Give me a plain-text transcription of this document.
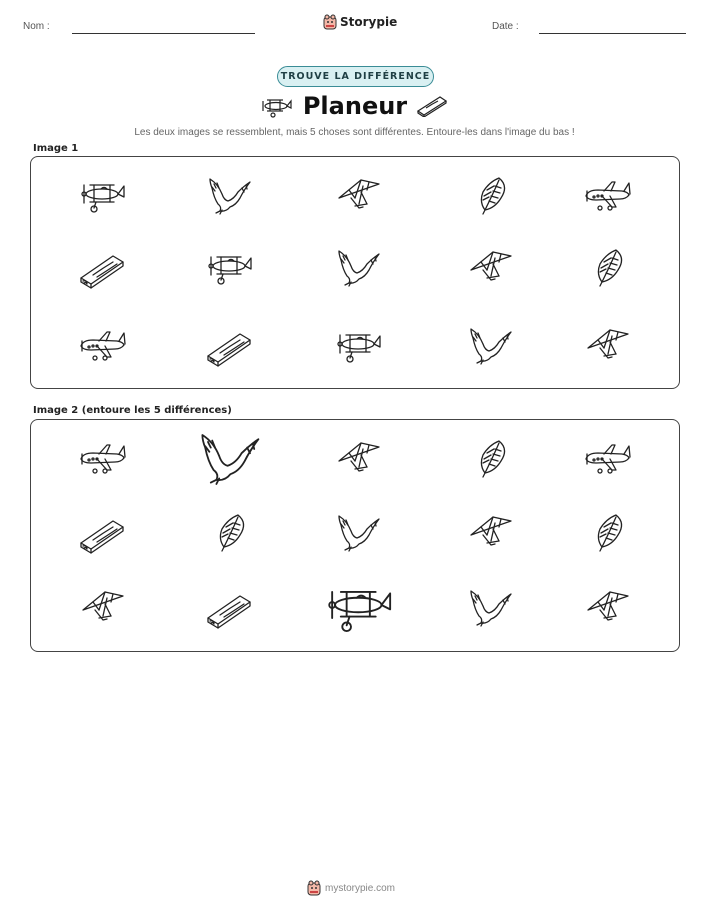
Nom :	Storypie	Date :
TROUVE LA DIFFÉRENCE
Planeur
Les deux images se ressemblent, mais 5 choses sont différentes. Entoure-les dans l'image du bas !
Image 1
Image 2 (entoure les 5 différences)
mystorypie.com
